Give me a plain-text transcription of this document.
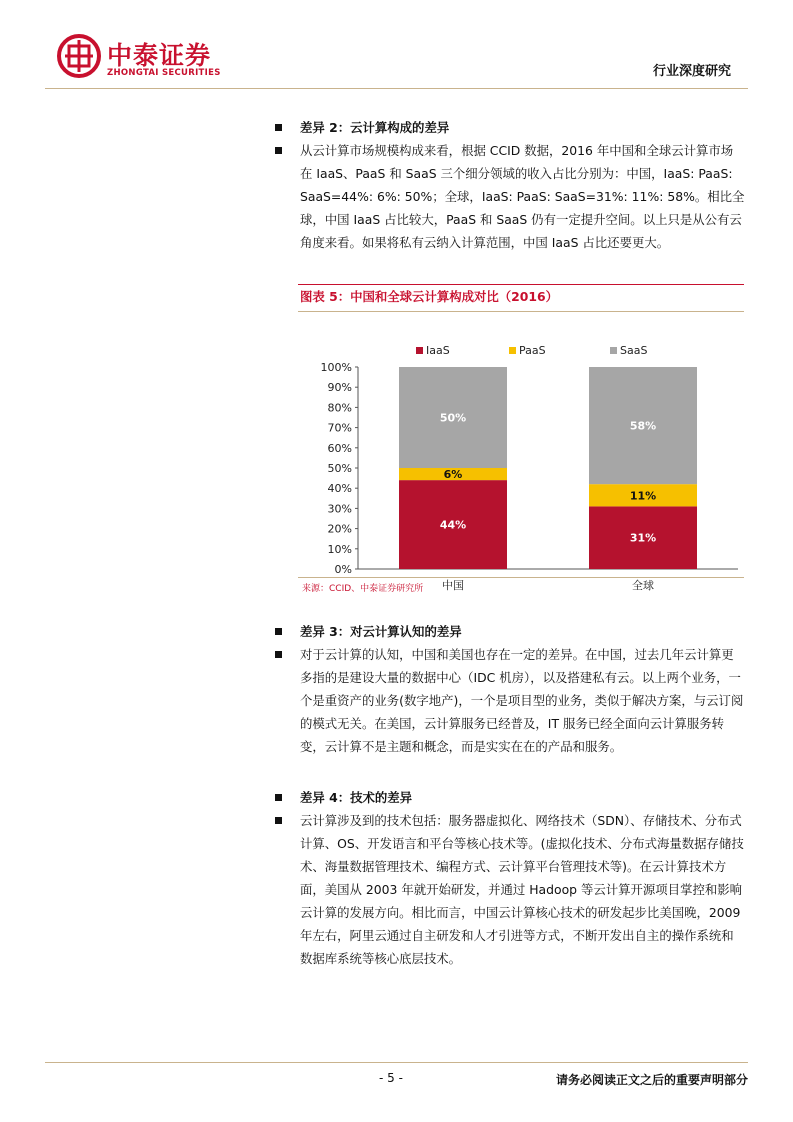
中泰证券
ZHONGTAI SECURITIES	行业深度研究
差异 2：云计算构成的差异
从云计算市场规模构成来看，根据 CCID 数据，2016 年中国和全球云计算市场在 IaaS、PaaS 和 SaaS 三个细分领域的收入占比分别为：中国，IaaS: PaaS: SaaS=44%: 6%: 50%；全球，IaaS: PaaS: SaaS=31%: 11%: 58%。相比全球，中国 IaaS 占比较大，PaaS 和 SaaS 仍有一定提升空间。以上只是从公有云角度来看。如果将私有云纳入计算范围，中国 IaaS 占比还要更大。
图表 5：中国和全球云计算构成对比（2016）
IaaS	PaaS	SaaS
0%
10%
20%
30%
40%
50%
60%
70%
80%
90%
100%
44%
6%
50%
中国
31%
11%
58%
全球
来源：CCID、中泰证券研究所
差异 3：对云计算认知的差异
对于云计算的认知，中国和美国也存在一定的差异。在中国，过去几年云计算更多指的是建设大量的数据中心（IDC 机房），以及搭建私有云。以上两个业务，一个是重资产的业务(数字地产)，一个是项目型的业务，类似于解决方案，与云订阅的模式无关。在美国，云计算服务已经普及，IT 服务已经全面向云计算服务转变，云计算不是主题和概念，而是实实在在的产品和服务。
差异 4：技术的差异
云计算涉及到的技术包括：服务器虚拟化、网络技术（SDN）、存储技术、分布式计算、OS、开发语言和平台等核心技术等。(虚拟化技术、分布式海量数据存储技术、海量数据管理技术、编程方式、云计算平台管理技术等)。在云计算技术方面，美国从 2003 年就开始研发，并通过 Hadoop 等云计算开源项目掌控和影响云计算的发展方向。相比而言，中国云计算核心技术的研发起步比美国晚，2009 年左右，阿里云通过自主研发和人才引进等方式，不断开发出自主的操作系统和数据库系统等核心底层技术。
- 5 -	请务必阅读正文之后的重要声明部分
